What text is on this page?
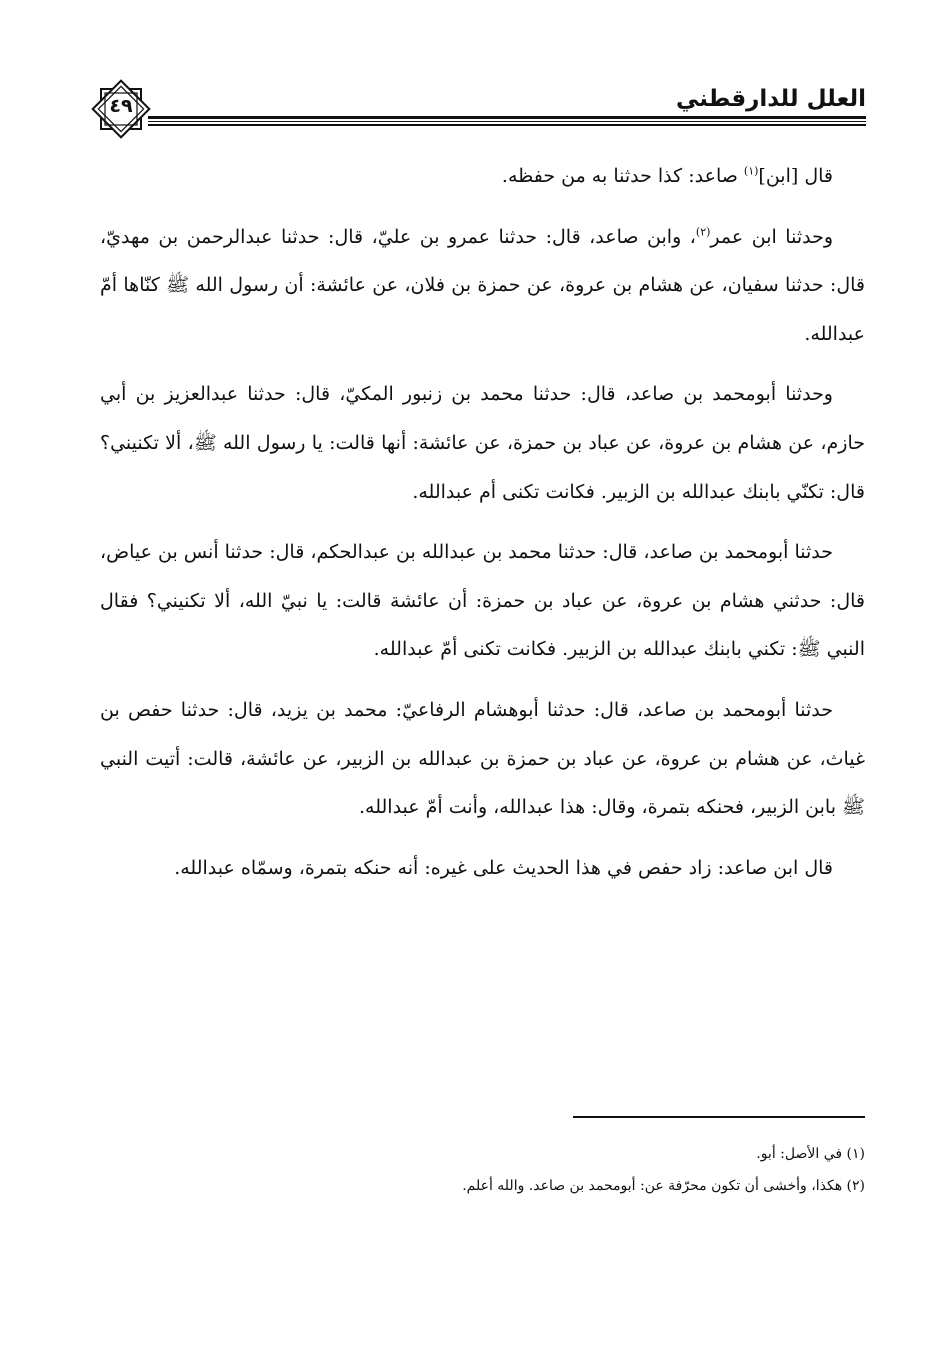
العلل للدارقطني
٤٩

قال [ابن]$^{(١)}$ صاعد: كذا حدثنا به من حفظه.

وحدثنا ابن عمر$^{(٢)}$، وابن صاعد، قال: حدثنا عمرو بن عليّ، قال: حدثنا عبدالرحمن بن مهديّ، قال: حدثنا سفيان، عن هشام بن عروة، عن حمزة بن فلان، عن عائشة: أن رسول الله ﷺ كنّاها أمّ عبدالله.

وحدثنا أبومحمد بن صاعد، قال: حدثنا محمد بن زنبور المكيّ، قال: حدثنا عبدالعزيز بن أبي حازم، عن هشام بن عروة، عن عباد بن حمزة، عن عائشة: أنها قالت: يا رسول الله ﷺ، ألا تكنيني؟ قال: تكنّي بابنك عبدالله بن الزبير. فكانت تكنى أم عبدالله.

حدثنا أبومحمد بن صاعد، قال: حدثنا محمد بن عبدالله بن عبدالحكم، قال: حدثنا أنس بن عياض، قال: حدثني هشام بن عروة، عن عباد بن حمزة: أن عائشة قالت: يا نبيّ الله، ألا تكنيني؟ فقال النبي ﷺ: تكني بابنك عبدالله بن الزبير. فكانت تكنى أمّ عبدالله.

حدثنا أبومحمد بن صاعد، قال: حدثنا أبوهشام الرفاعيّ: محمد بن يزيد، قال: حدثنا حفص بن غياث، عن هشام بن عروة، عن عباد بن حمزة بن عبدالله بن الزبير، عن عائشة، قالت: أتيت النبي ﷺ بابن الزبير، فحنكه بتمرة، وقال: هذا عبدالله، وأنت أمّ عبدالله.

قال ابن صاعد: زاد حفص في هذا الحديث على غيره: أنه حنكه بتمرة، وسمّاه عبدالله.

(١) في الأصل: أبو.
(٢) هكذا، وأخشى أن تكون محرّفة عن: أبومحمد بن صاعد. والله أعلم.
